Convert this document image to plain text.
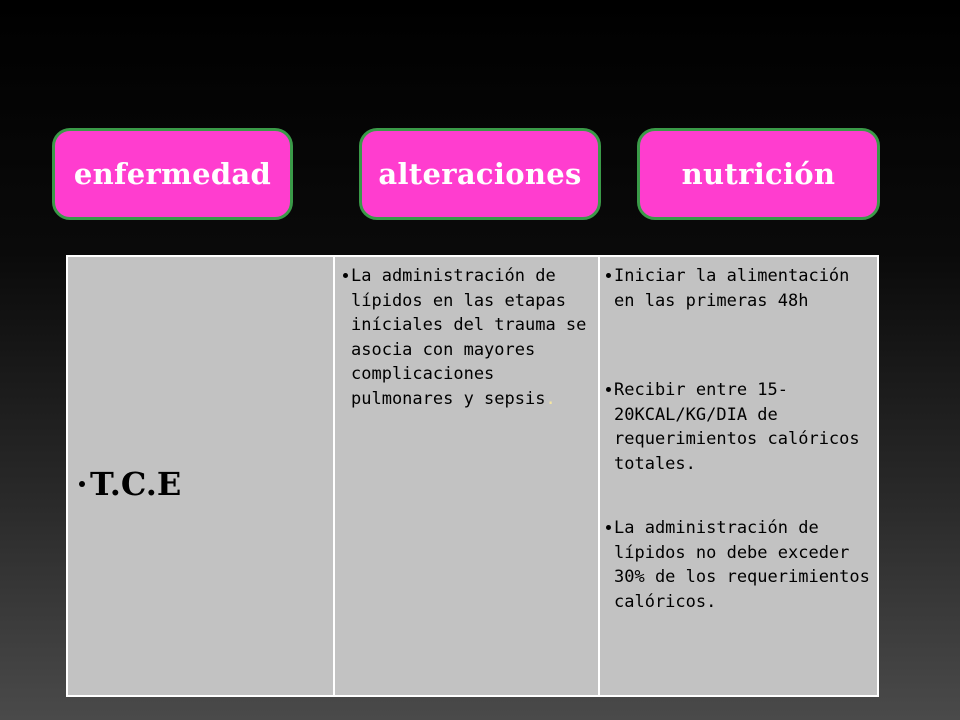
enfermedad	alteraciones	nutrición
T.C.E
La administración de lípidos en las etapas iníciales del trauma se asocia con mayores complicaciones pulmonares y sepsis.
Iniciar la alimentación en las primeras 48h
Recibir entre 15-20KCAL/KG/DIA de requerimientos calóricos totales.
La administración de lípidos no debe exceder 30% de los requerimientos calóricos.
